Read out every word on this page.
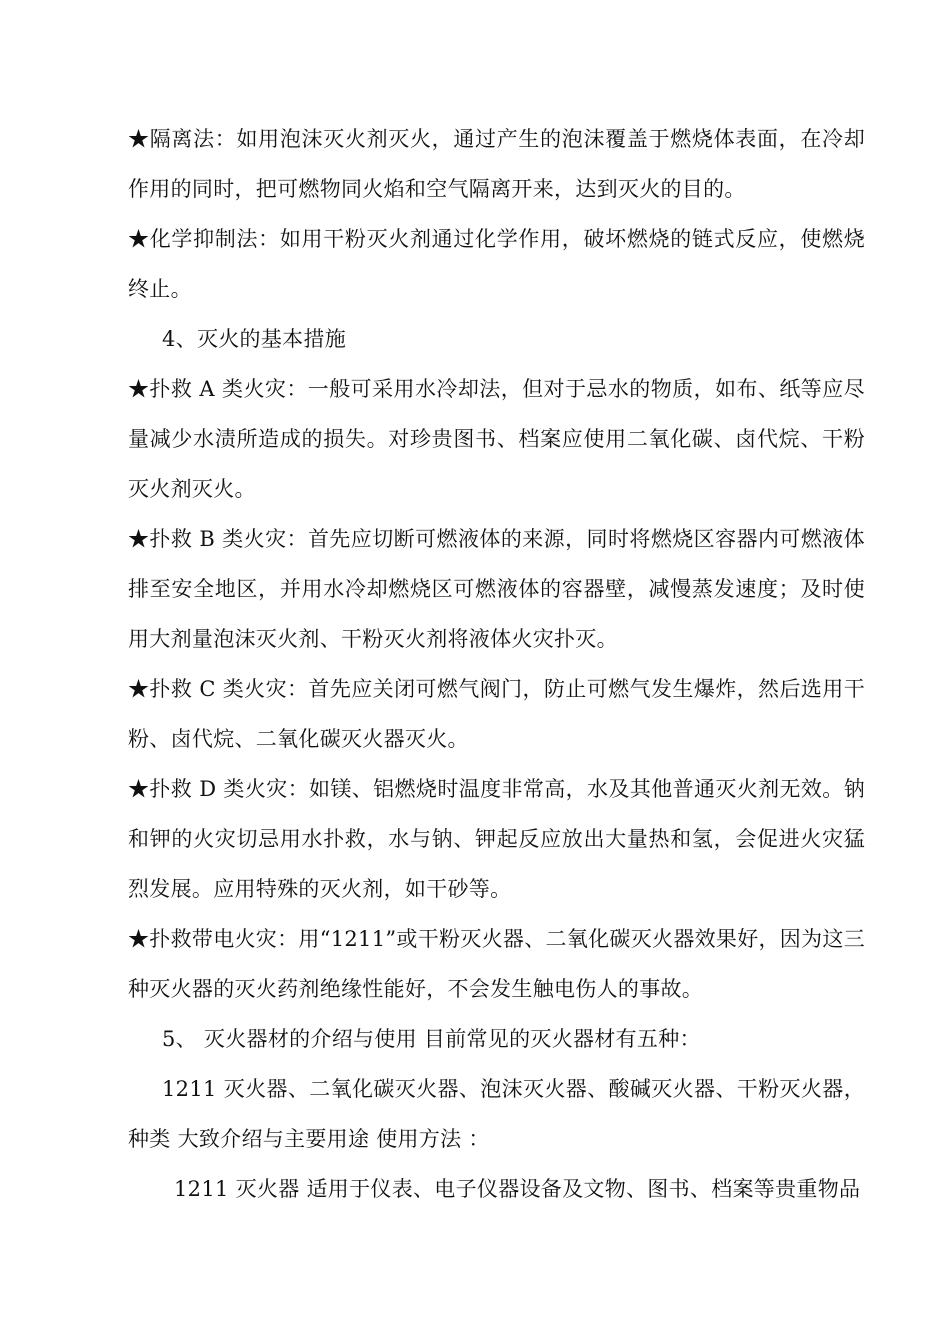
★隔离法：如用泡沫灭火剂灭火，通过产生的泡沫覆盖于燃烧体表面，在冷却作用的同时，把可燃物同火焰和空气隔离开来，达到灭火的目的。

★化学抑制法：如用干粉灭火剂通过化学作用，破坏燃烧的链式反应，使燃烧终止。

4、灭火的基本措施

★扑救 A 类火灾：一般可采用水冷却法，但对于忌水的物质，如布、纸等应尽量减少水渍所造成的损失。对珍贵图书、档案应使用二氧化碳、卤代烷、干粉灭火剂灭火。

★扑救 B 类火灾：首先应切断可燃液体的来源，同时将燃烧区容器内可燃液体排至安全地区，并用水冷却燃烧区可燃液体的容器壁，减慢蒸发速度；及时使用大剂量泡沫灭火剂、干粉灭火剂将液体火灾扑灭。

★扑救 C 类火灾：首先应关闭可燃气阀门，防止可燃气发生爆炸，然后选用干粉、卤代烷、二氧化碳灭火器灭火。

★扑救 D 类火灾：如镁、铝燃烧时温度非常高，水及其他普通灭火剂无效。钠和钾的火灾切忌用水扑救，水与钠、钾起反应放出大量热和氢，会促进火灾猛烈发展。应用特殊的灭火剂，如干砂等。

★扑救带电火灾：用“1211”或干粉灭火器、二氧化碳灭火器效果好，因为这三种灭火器的灭火药剂绝缘性能好，不会发生触电伤人的事故。

5、 灭火器材的介绍与使用 目前常见的灭火器材有五种：

1211 灭火器、二氧化碳灭火器、泡沫灭火器、酸碱灭火器、干粉灭火器，种类 大致介绍与主要用途 使用方法 ：

1211 灭火器 适用于仪表、电子仪器设备及文物、图书、档案等贵重物品
